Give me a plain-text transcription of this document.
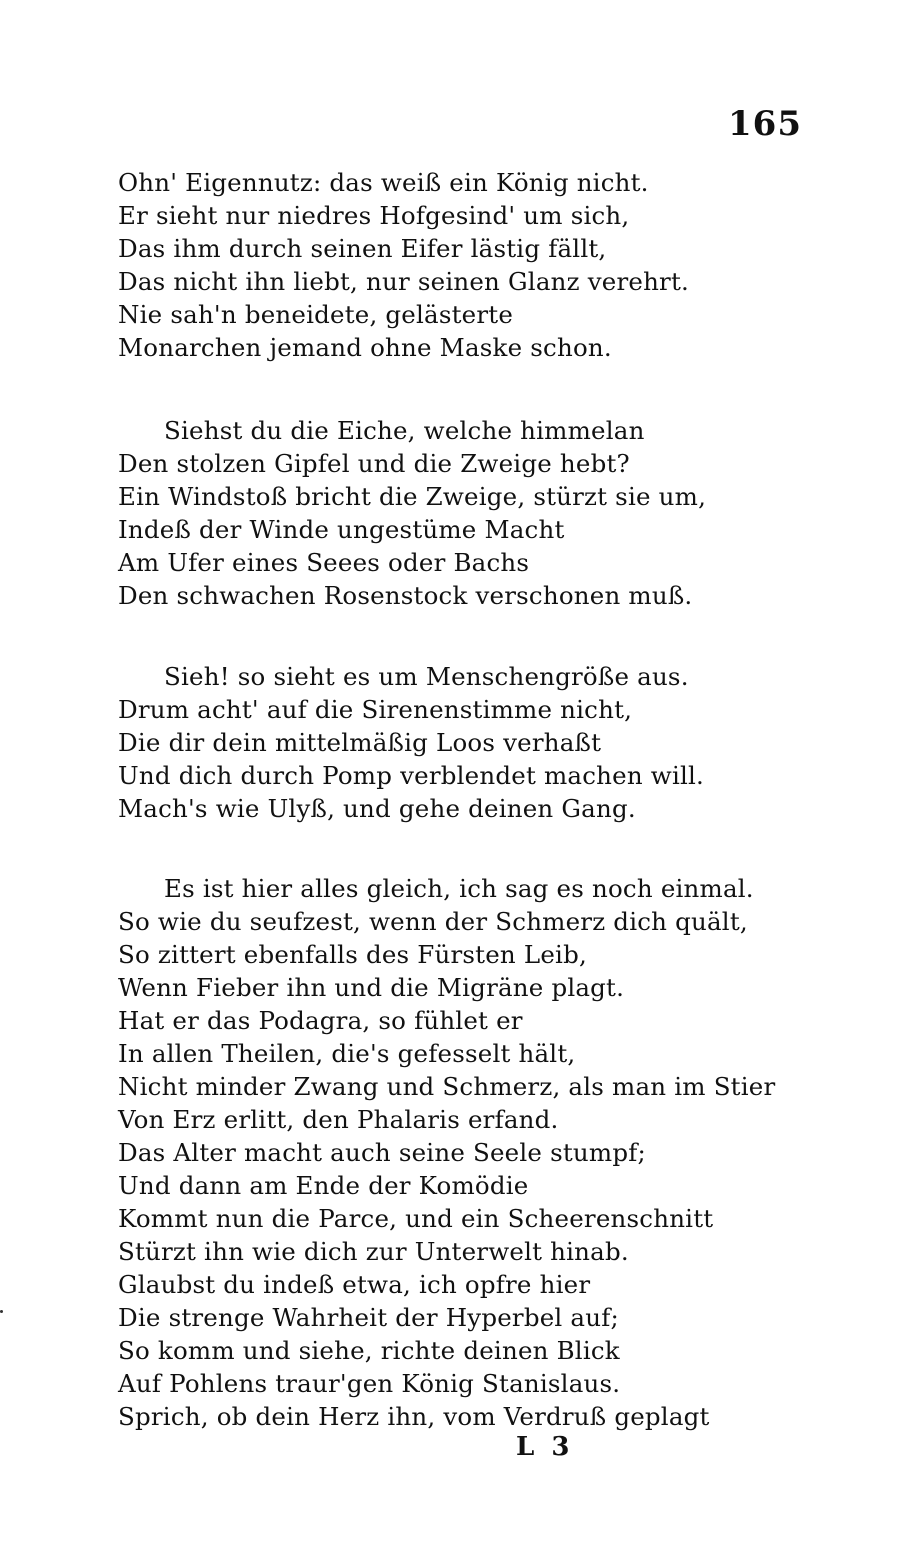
165

Ohn' Eigennutz: das weiß ein König nicht.
Er sieht nur niedres Hofgesind' um sich,
Das ihm durch seinen Eifer lästig fällt,
Das nicht ihn liebt, nur seinen Glanz verehrt.
Nie sah'n beneidete, gelästerte
Monarchen jemand ohne Maske schon.
Siehst du die Eiche, welche himmelan
Den stolzen Gipfel und die Zweige hebt?
Ein Windstoß bricht die Zweige, stürzt sie um,
Indeß der Winde ungestüme Macht
Am Ufer eines Seees oder Bachs
Den schwachen Rosenstock verschonen muß.
Sieh! so sieht es um Menschengröße aus.
Drum acht' auf die Sirenenstimme nicht,
Die dir dein mittelmäßig Loos verhaßt
Und dich durch Pomp verblendet machen will.
Mach's wie Ulyß, und gehe deinen Gang.
Es ist hier alles gleich, ich sag es noch einmal.
So wie du seufzest, wenn der Schmerz dich quält,
So zittert ebenfalls des Fürsten Leib,
Wenn Fieber ihn und die Migräne plagt.
Hat er das Podagra, so fühlet er
In allen Theilen, die's gefesselt hält,
Nicht minder Zwang und Schmerz, als man im Stier
Von Erz erlitt, den Phalaris erfand.
Das Alter macht auch seine Seele stumpf;
Und dann am Ende der Komödie
Kommt nun die Parce, und ein Scheerenschnitt
Stürzt ihn wie dich zur Unterwelt hinab.
Glaubst du indeß etwa, ich opfre hier
Die strenge Wahrheit der Hyperbel auf;
So komm und siehe, richte deinen Blick
Auf Pohlens traur'gen König Stanislaus.
Sprich, ob dein Herz ihn, vom Verdruß geplagt

L 3
